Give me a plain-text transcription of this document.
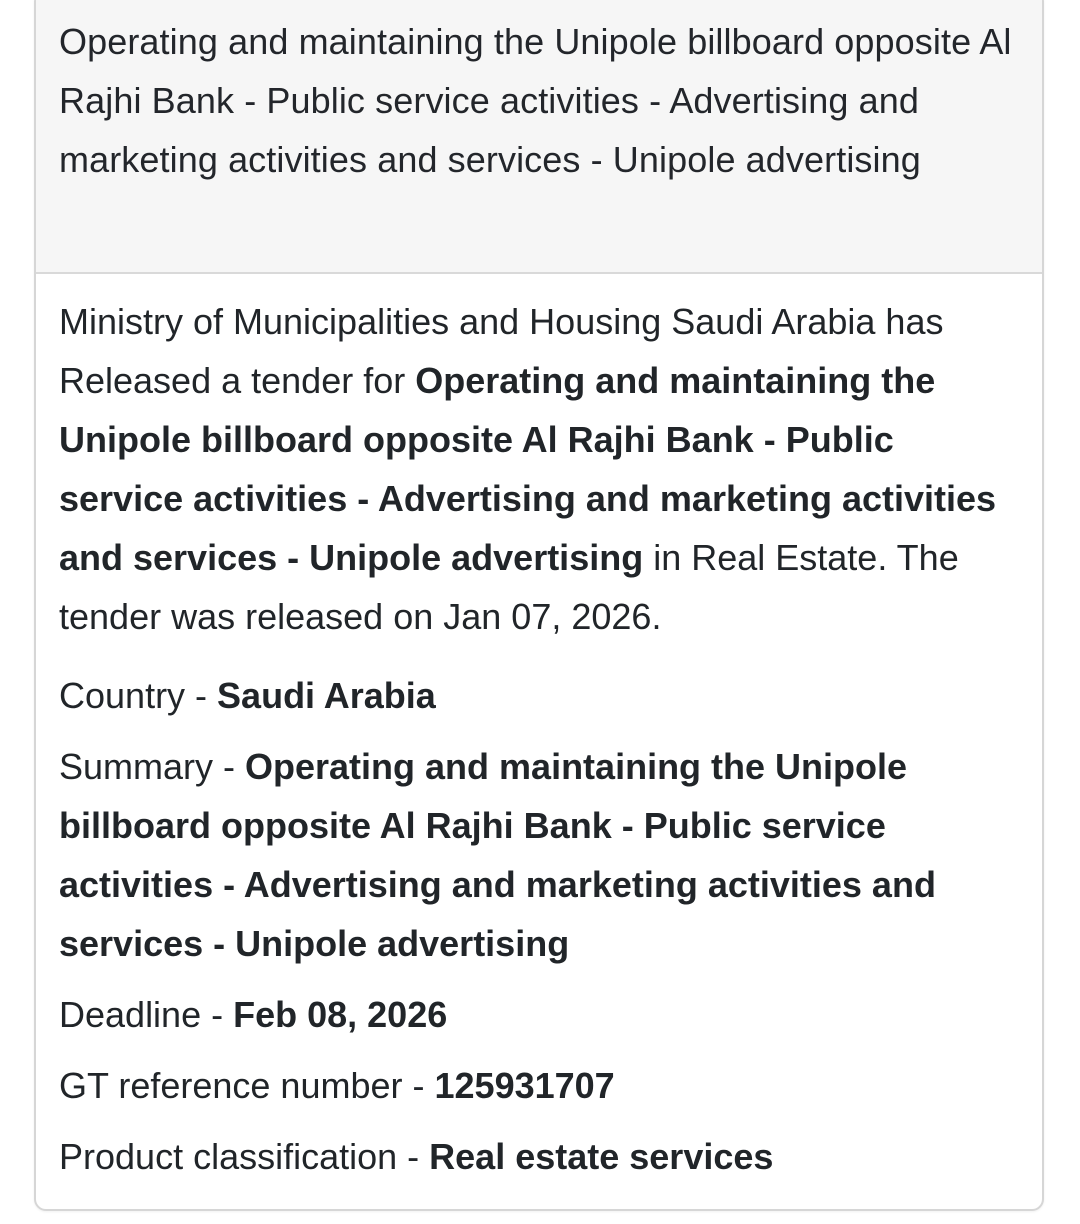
Operating and maintaining the Unipole billboard opposite Al Rajhi Bank - Public service activities - Advertising and marketing activities and services - Unipole advertising

Ministry of Municipalities and Housing Saudi Arabia has Released a tender for Operating and maintaining the Unipole billboard opposite Al Rajhi Bank - Public service activities - Advertising and marketing activities and services - Unipole advertising in Real Estate. The tender was released on Jan 07, 2026.

Country - Saudi Arabia

Summary - Operating and maintaining the Unipole billboard opposite Al Rajhi Bank - Public service activities - Advertising and marketing activities and services - Unipole advertising

Deadline - Feb 08, 2026

GT reference number - 125931707

Product classification - Real estate services
